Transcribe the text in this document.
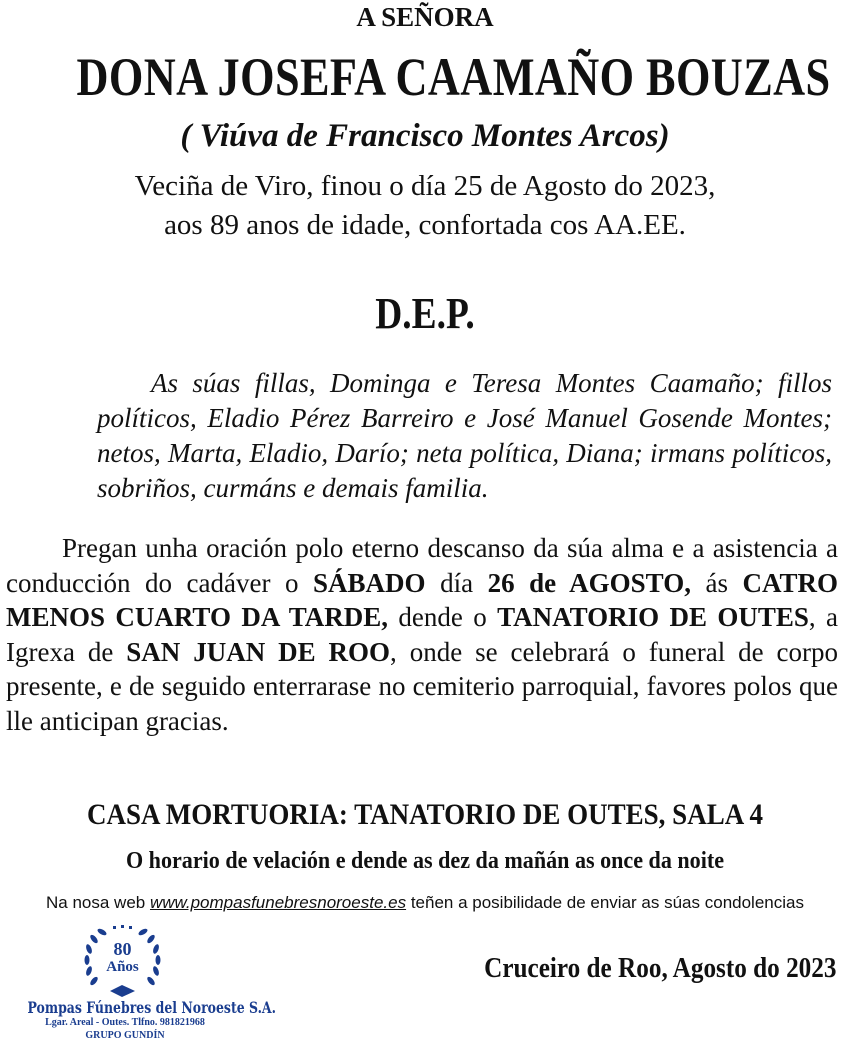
A SEÑORA
DONA JOSEFA CAAMAÑO BOUZAS
( Viúva de Francisco Montes Arcos)
Veciña de Viro, finou o día 25 de Agosto do 2023,
aos 89 anos de idade, confortada cos AA.EE.
D.E.P.
As súas fillas, Dominga e Teresa Montes Caamaño; fillos políticos, Eladio Pérez Barreiro e José Manuel Gosende Montes; netos, Marta, Eladio, Darío; neta política, Diana; irmans políticos, sobriños, curmáns e demais familia.
Pregan unha oración polo eterno descanso da súa alma e a asistencia a conducción do cadáver o SÁBADO día 26 de AGOSTO, ás CATRO MENOS CUARTO DA TARDE, dende o TANATORIO DE OUTES, a Igrexa de SAN JUAN DE ROO, onde se celebrará o funeral de corpo presente, e de seguido enterrarase no cemiterio parroquial, favores polos que lle anticipan gracias.
CASA MORTUORIA: TANATORIO DE OUTES, SALA 4
O horario de velación e dende as dez da mañán as once da noite
Na nosa web www.pompasfunebresnoroeste.es teñen a posibilidade de enviar as súas condolencias
Cruceiro de Roo, Agosto do 2023
80
Años
Pompas Fúnebres del Noroeste S.A.
Lgar. Areal - Outes. Tlfno. 981821968
GRUPO GUNDÍN
